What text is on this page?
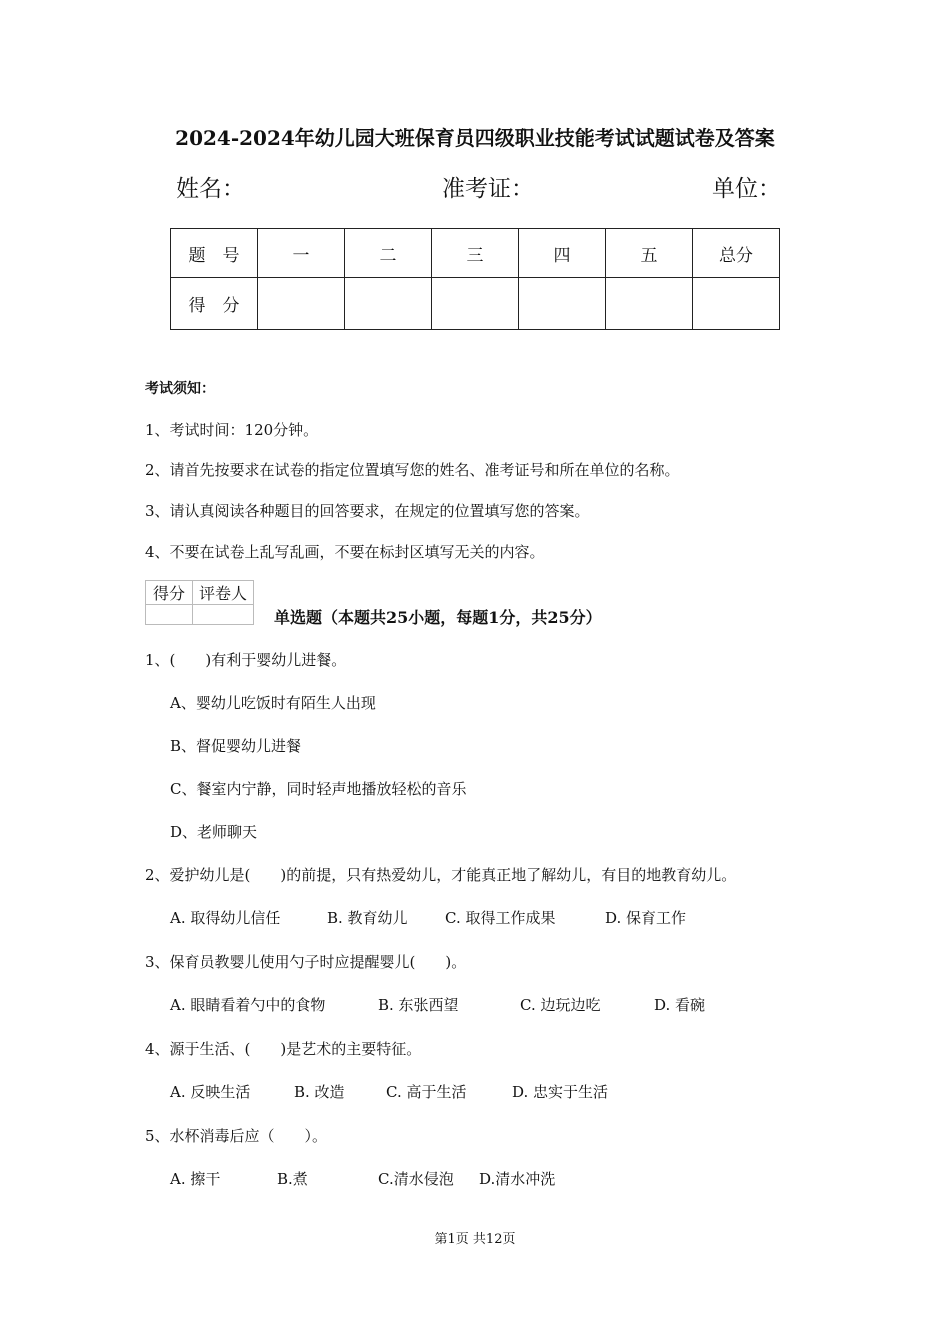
2024-2024年幼儿园大班保育员四级职业技能考试试题试卷及答案
姓名：	准考证：	单位：
题　号	一	二	三	四	五	总分
得　分						
考试须知：
1、考试时间：120分钟。
2、请首先按要求在试卷的指定位置填写您的姓名、准考证号和所在单位的名称。
3、请认真阅读各种题目的回答要求，在规定的位置填写您的答案。
4、不要在试卷上乱写乱画，不要在标封区填写无关的内容。
得分	评卷人

单选题（本题共25小题，每题1分，共25分）
1、(　　)有利于婴幼儿进餐。
A、婴幼儿吃饭时有陌生人出现
B、督促婴幼儿进餐
C、餐室内宁静，同时轻声地播放轻松的音乐
D、老师聊天
2、爱护幼儿是(　　)的前提，只有热爱幼儿，才能真正地了解幼儿，有目的地教育幼儿。
A. 取得幼儿信任	B. 教育幼儿 C. 取得工作成果	D. 保育工作
3、保育员教婴儿使用勺子时应提醒婴儿(　　)。
A. 眼睛看着勺中的食物	B. 东张西望	C. 边玩边吃	D. 看碗
4、源于生活、(　　)是艺术的主要特征。
A. 反映生活	B. 改造	C. 高于生活	D. 忠实于生活
5、水杯消毒后应（　　）。
A. 擦干	B.煮	C.清水侵泡 D.清水冲洗
第1页 共12页
